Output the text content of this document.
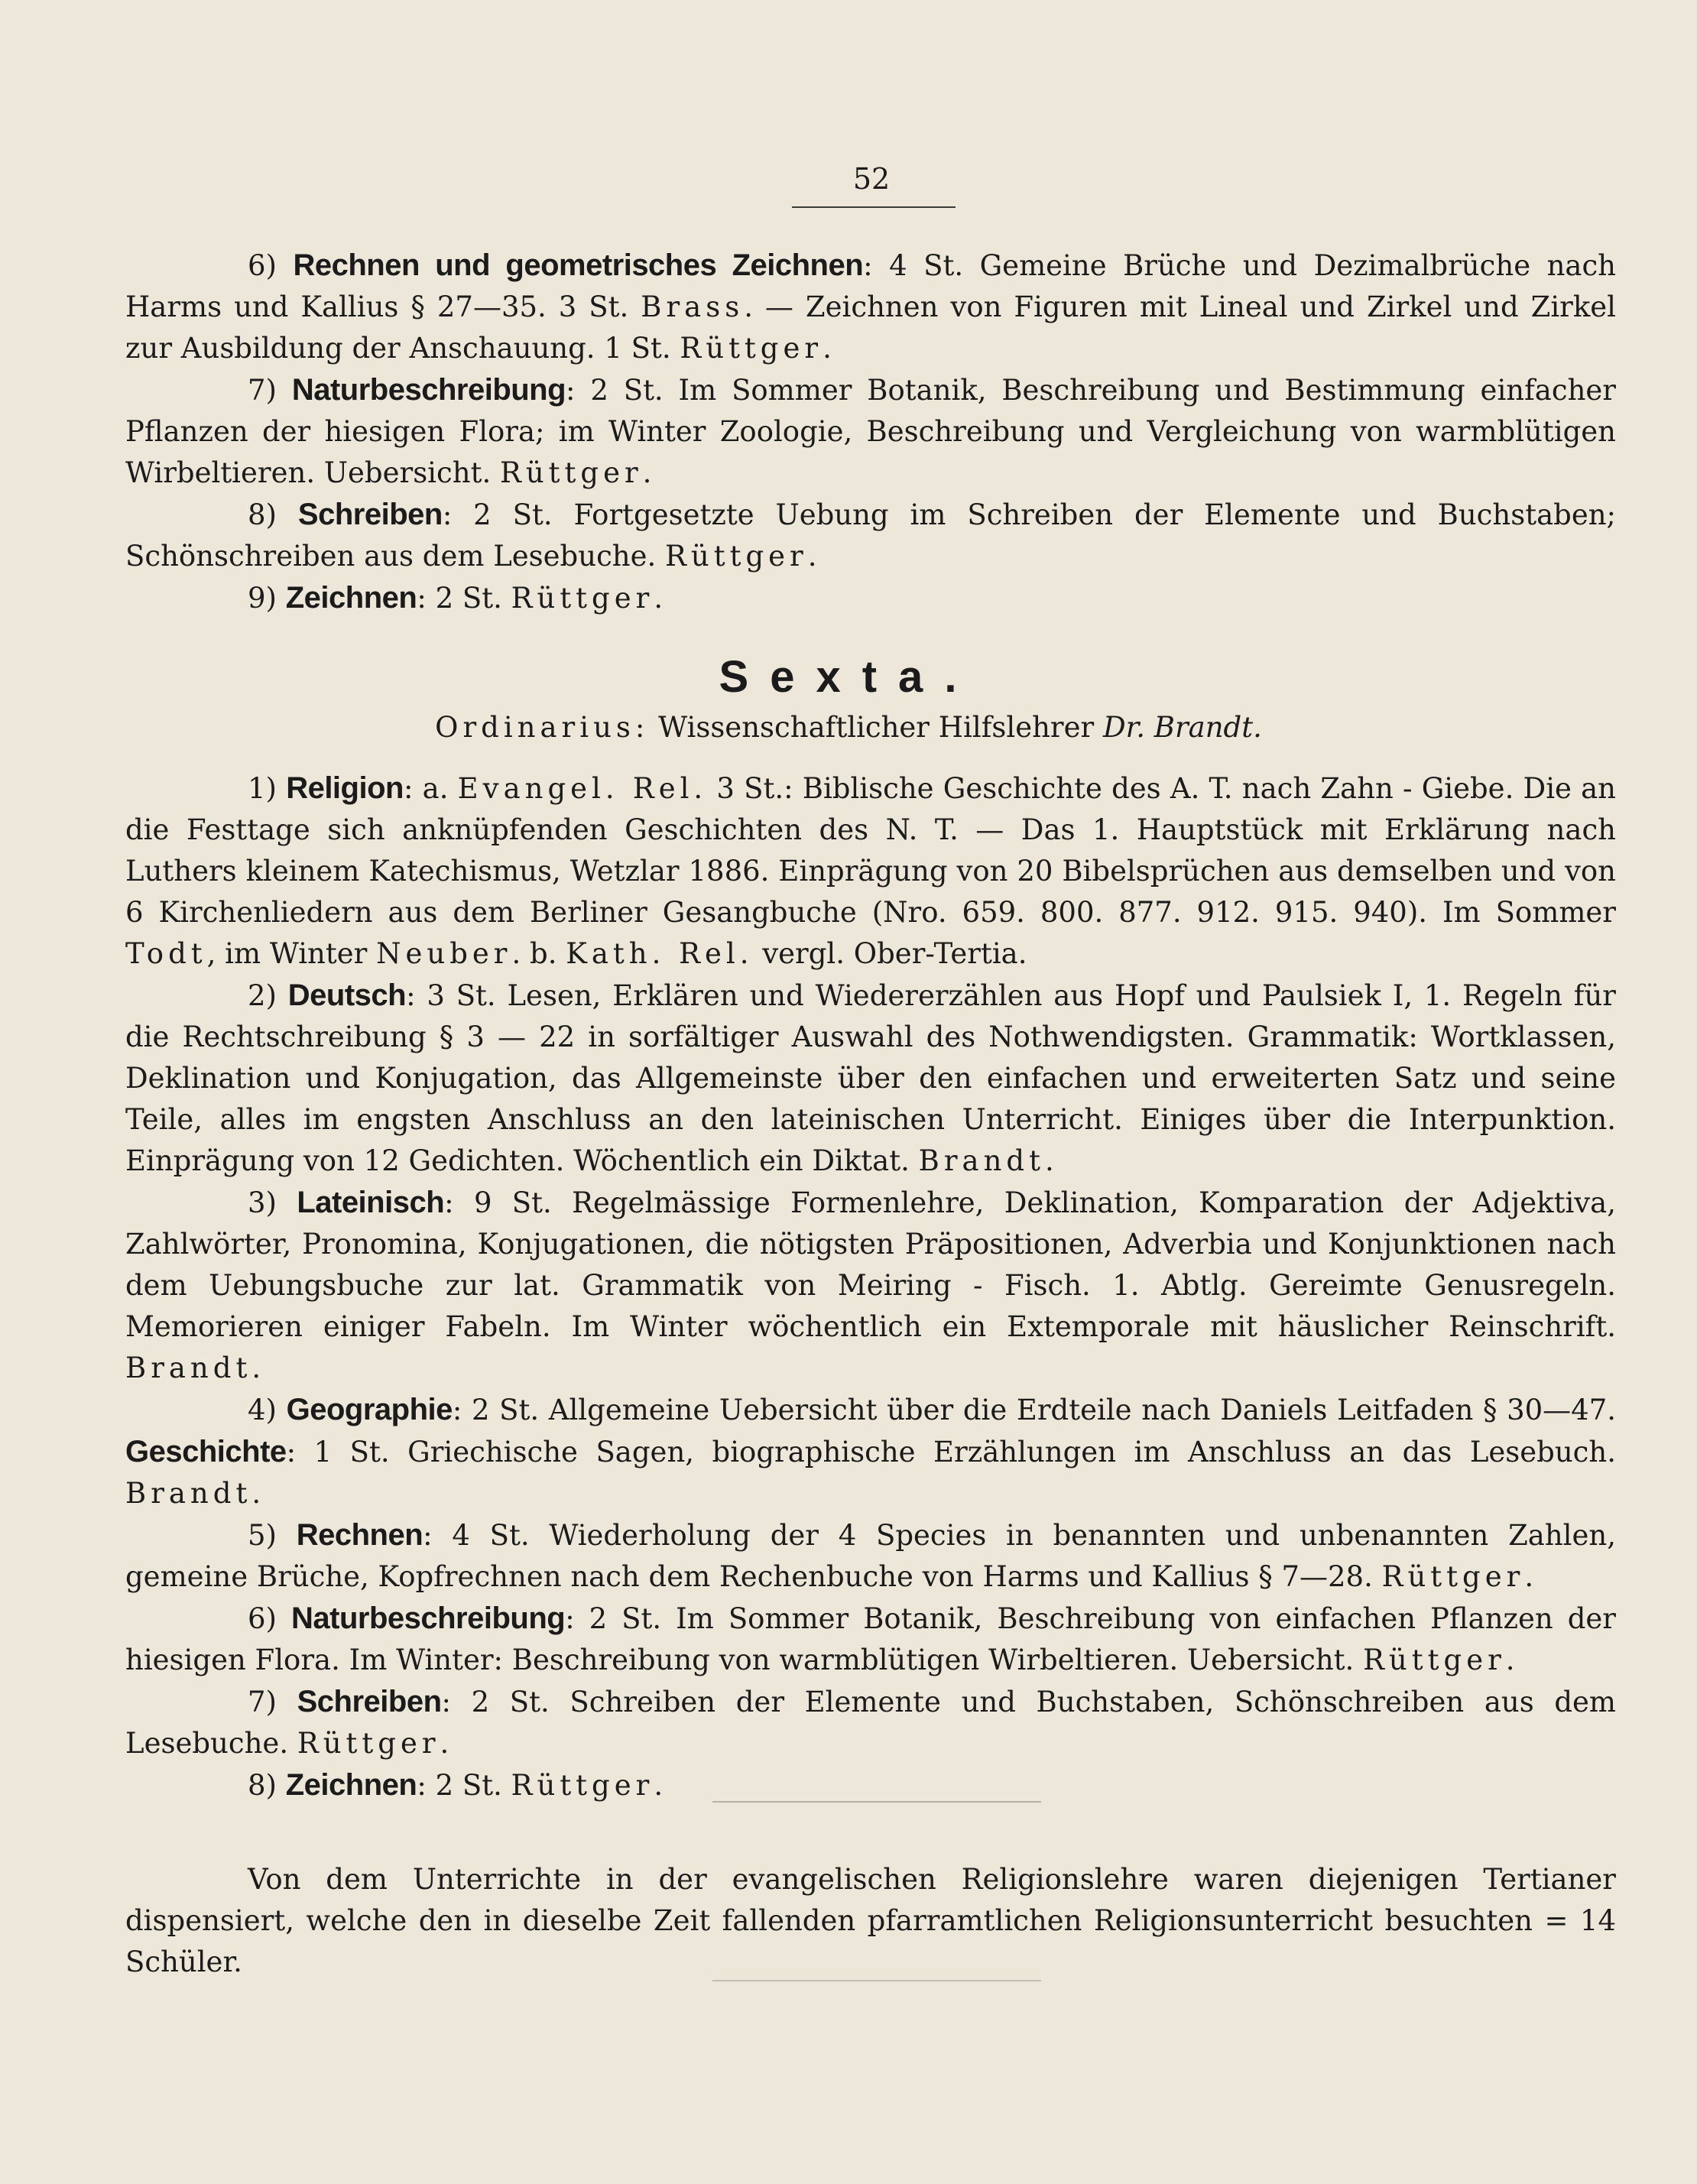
52

6) Rechnen und geometrisches Zeichnen: 4 St. Gemeine Brüche und Dezimalbrüche nach Harms und Kallius § 27—35. 3 St. Brass. — Zeichnen von Figuren mit Lineal und Zirkel und Zirkel zur Ausbildung der Anschauung. 1 St. Rüttger.

7) Naturbeschreibung: 2 St. Im Sommer Botanik, Beschreibung und Bestimmung einfacher Pflanzen der hiesigen Flora; im Winter Zoologie, Beschreibung und Vergleichung von warmblütigen Wirbeltieren. Uebersicht. Rüttger.

8) Schreiben: 2 St. Fortgesetzte Uebung im Schreiben der Elemente und Buchstaben; Schönschreiben aus dem Lesebuche. Rüttger.

9) Zeichnen: 2 St. Rüttger.

Sexta.
Ordinarius: Wissenschaftlicher Hilfslehrer Dr. Brandt.

1) Religion: a. Evangel. Rel. 3 St.: Biblische Geschichte des A. T. nach Zahn - Giebe. Die an die Festtage sich anknüpfenden Geschichten des N. T. — Das 1. Hauptstück mit Erklärung nach Luthers kleinem Katechismus, Wetzlar 1886. Einprägung von 20 Bibelsprüchen aus demselben und von 6 Kirchenliedern aus dem Berliner Gesangbuche (Nro. 659. 800. 877. 912. 915. 940). Im Sommer Todt, im Winter Neuber. b. Kath. Rel. vergl. Ober-Tertia.

2) Deutsch: 3 St. Lesen, Erklären und Wiedererzählen aus Hopf und Paulsiek I, 1. Regeln für die Rechtschreibung § 3 — 22 in sorfältiger Auswahl des Nothwendigsten. Grammatik: Wortklassen, Deklination und Konjugation, das Allgemeinste über den einfachen und erweiterten Satz und seine Teile, alles im engsten Anschluss an den lateinischen Unterricht. Einiges über die Interpunktion. Einprägung von 12 Gedichten. Wöchentlich ein Diktat. Brandt.

3) Lateinisch: 9 St. Regelmässige Formenlehre, Deklination, Komparation der Adjektiva, Zahlwörter, Pronomina, Konjugationen, die nötigsten Präpositionen, Adverbia und Konjunktionen nach dem Uebungsbuche zur lat. Grammatik von Meiring - Fisch. 1. Abtlg. Gereimte Genusregeln. Memorieren einiger Fabeln. Im Winter wöchentlich ein Extemporale mit häuslicher Reinschrift. Brandt.

4) Geographie: 2 St. Allgemeine Uebersicht über die Erdteile nach Daniels Leitfaden § 30—47. Geschichte: 1 St. Griechische Sagen, biographische Erzählungen im Anschluss an das Lesebuch. Brandt.

5) Rechnen: 4 St. Wiederholung der 4 Species in benannten und unbenannten Zahlen, gemeine Brüche, Kopfrechnen nach dem Rechenbuche von Harms und Kallius § 7—28. Rüttger.

6) Naturbeschreibung: 2 St. Im Sommer Botanik, Beschreibung von einfachen Pflanzen der hiesigen Flora. Im Winter: Beschreibung von warmblütigen Wirbeltieren. Uebersicht. Rüttger.

7) Schreiben: 2 St. Schreiben der Elemente und Buchstaben, Schönschreiben aus dem Lesebuche. Rüttger.

8) Zeichnen: 2 St. Rüttger.

Von dem Unterrichte in der evangelischen Religionslehre waren diejenigen Tertianer dispensiert, welche den in dieselbe Zeit fallenden pfarramtlichen Religionsunterricht besuchten = 14 Schüler.
